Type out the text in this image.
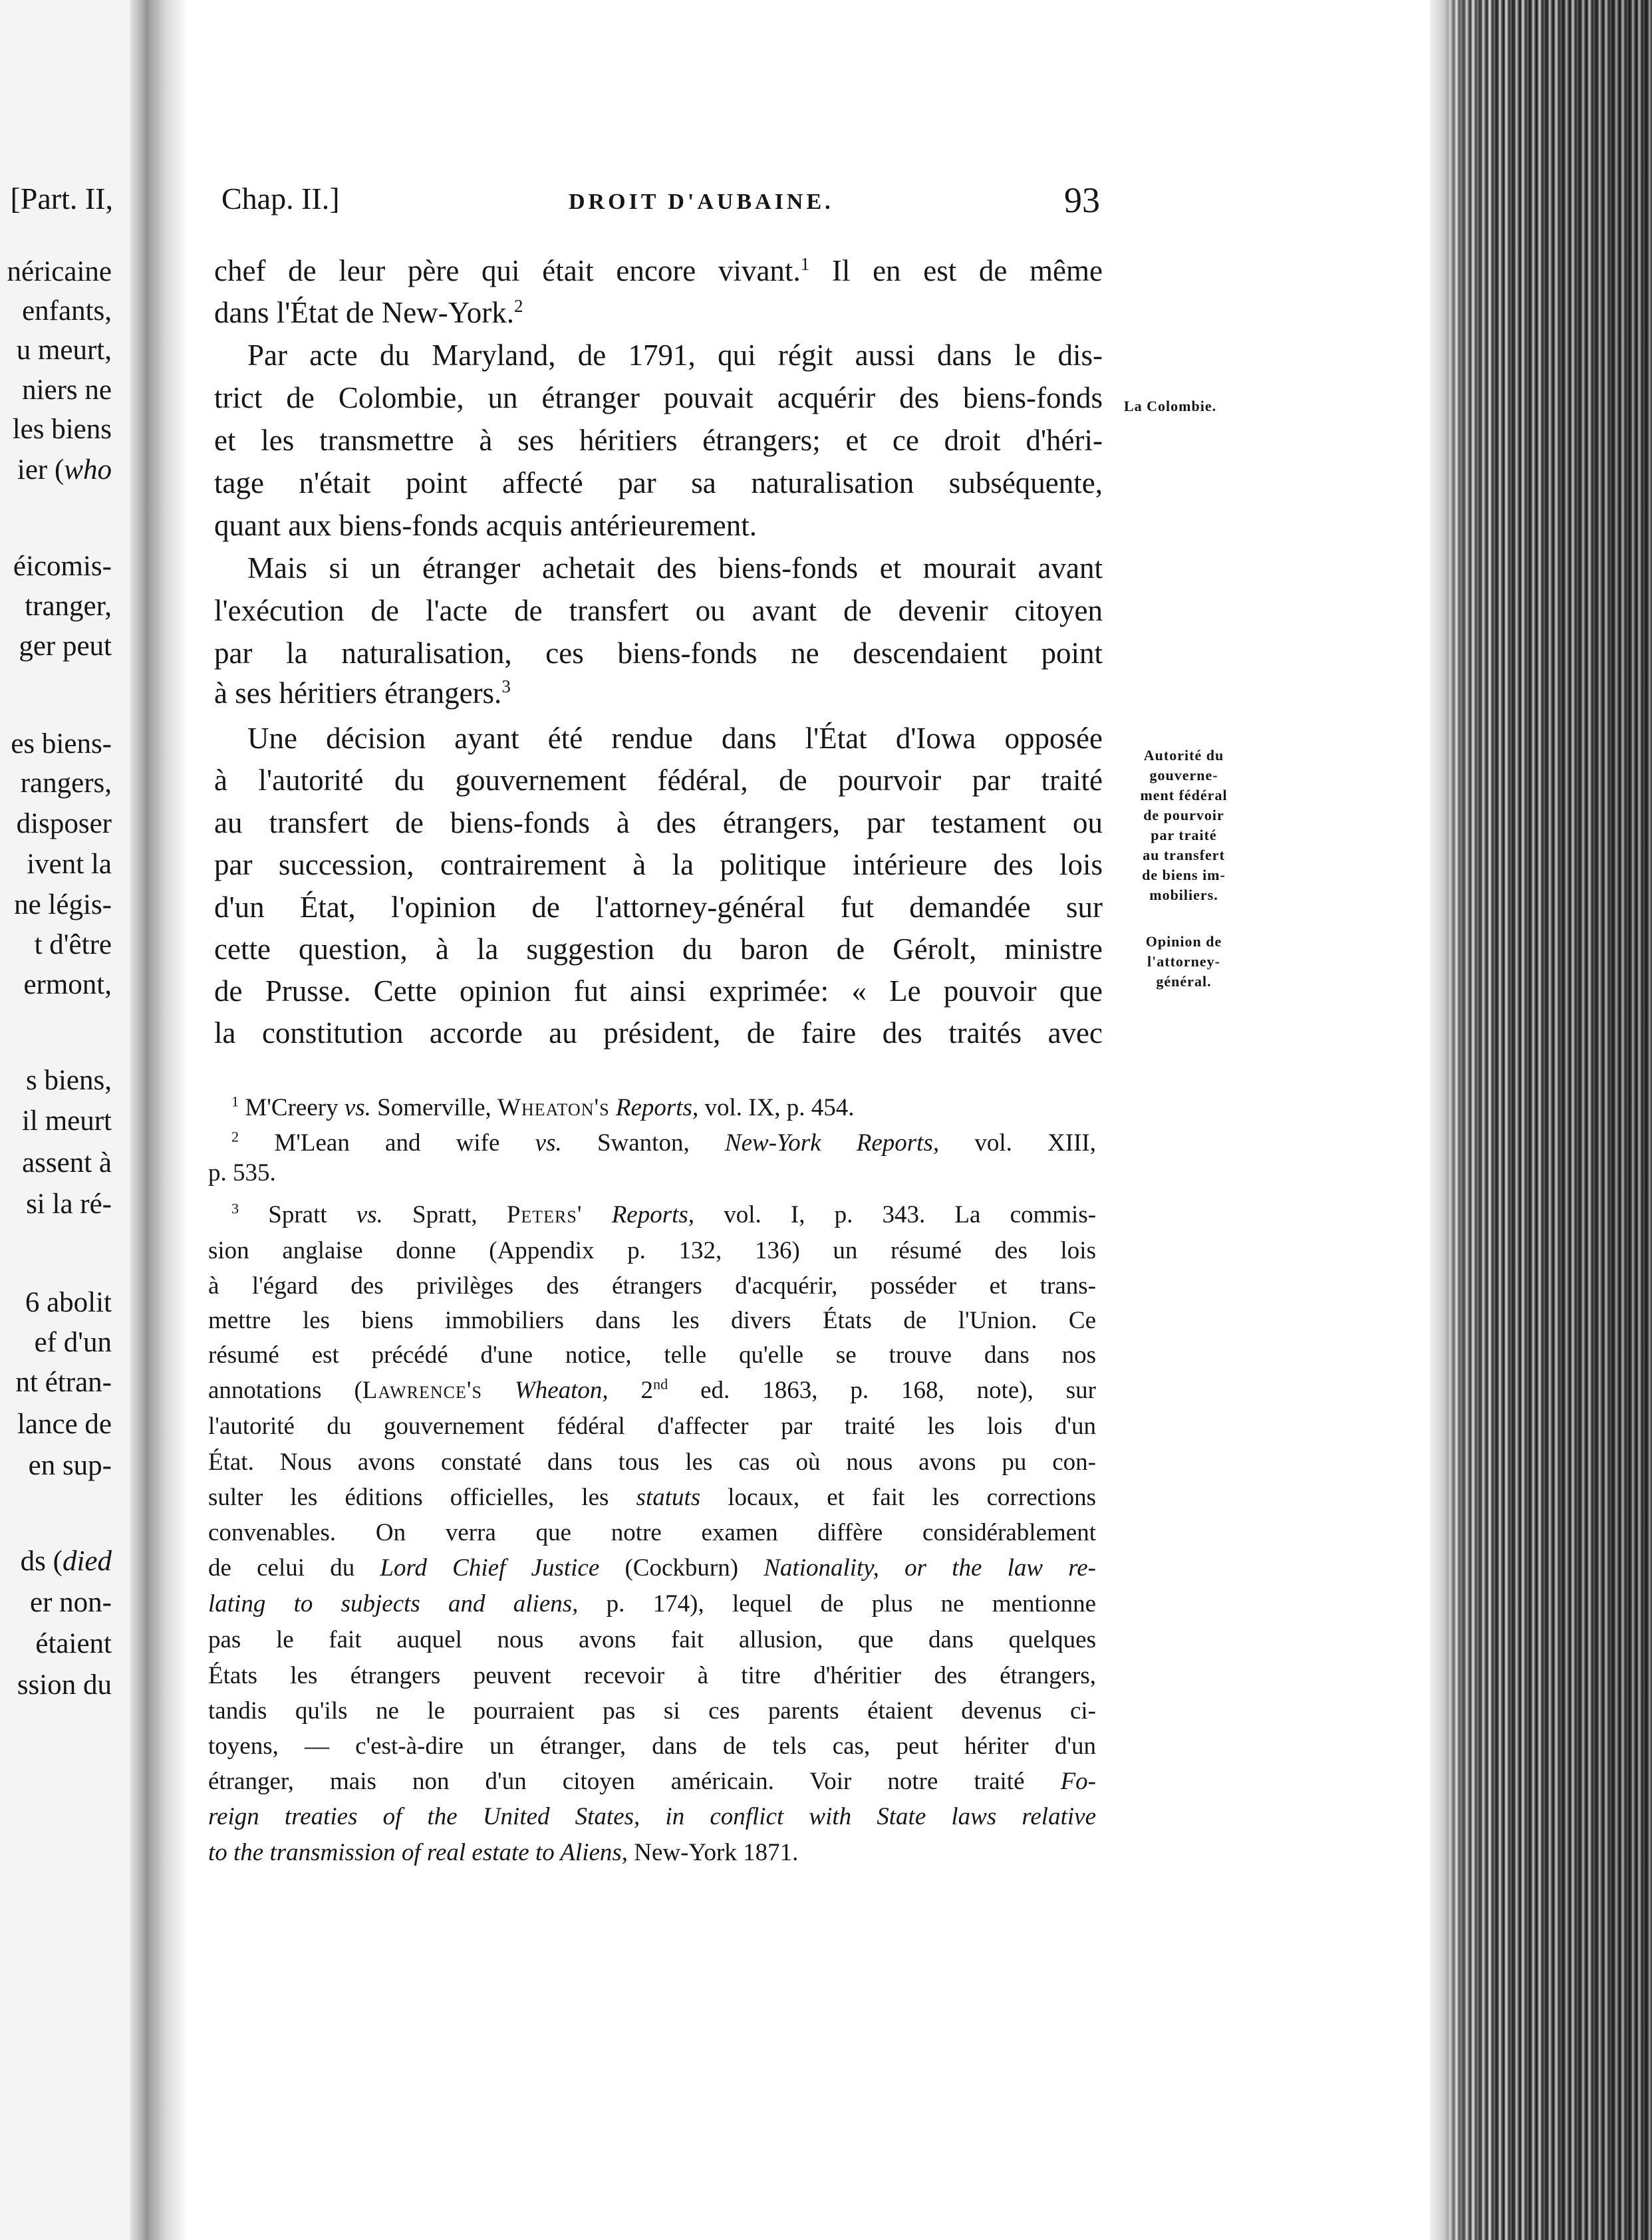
[Part. II,
néricaine
enfants,
u meurt,
niers ne
les biens
ier (who
éicomis-
tranger,
ger peut
es biens-
rangers,
disposer
ivent la
ne légis-
t d'être
ermont,
s biens,
il meurt
assent à
si la ré-
6 abolit
ef d'un
nt étran-
lance de
en sup-
ds (died
er non-
étaient
ssion du
Chap. II.]	DROIT D'AUBAINE.	93
chef de leur père qui était encore vivant.$^1$ Il en est de même
dans l'État de New-York.$^2$
Par acte du Maryland, de 1791, qui régit aussi dans le dis-
trict de Colombie, un étranger pouvait acquérir des biens-fonds
et les transmettre à ses héritiers étrangers; et ce droit d'héri-
tage n'était point affecté par sa naturalisation subséquente,
quant aux biens-fonds acquis antérieurement.
Mais si un étranger achetait des biens-fonds et mourait avant
l'exécution de l'acte de transfert ou avant de devenir citoyen
par la naturalisation, ces biens-fonds ne descendaient point
à ses héritiers étrangers.$^3$
Une décision ayant été rendue dans l'État d'Iowa opposée
à l'autorité du gouvernement fédéral, de pourvoir par traité
au transfert de biens-fonds à des étrangers, par testament ou
par succession, contrairement à la politique intérieure des lois
d'un État, l'opinion de l'attorney-général fut demandée sur
cette question, à la suggestion du baron de Gérolt, ministre
de Prusse. Cette opinion fut ainsi exprimée: « Le pouvoir que
la constitution accorde au président, de faire des traités avec
La Colombie.
Autorité du
gouverne-
ment fédéral
de pourvoir
par traité
au transfert
de biens im-
mobiliers.
Opinion de
l'attorney-
général.
$^1$ M'Creery vs. Somerville, Wheaton's Reports, vol. IX, p. 454.
$^2$ M'Lean and wife vs. Swanton, New-York Reports, vol. XIII,
p. 535.
$^3$ Spratt vs. Spratt, Peters' Reports, vol. I, p. 343. La commis-
sion anglaise donne (Appendix p. 132, 136) un résumé des lois
à l'égard des privilèges des étrangers d'acquérir, posséder et trans-
mettre les biens immobiliers dans les divers États de l'Union. Ce
résumé est précédé d'une notice, telle qu'elle se trouve dans nos
annotations (Lawrence's Wheaton, 2nd ed. 1863, p. 168, note), sur
l'autorité du gouvernement fédéral d'affecter par traité les lois d'un
État. Nous avons constaté dans tous les cas où nous avons pu con-
sulter les éditions officielles, les statuts locaux, et fait les corrections
convenables. On verra que notre examen diffère considérablement
de celui du Lord Chief Justice (Cockburn) Nationality, or the law re-
lating to subjects and aliens, p. 174), lequel de plus ne mentionne
pas le fait auquel nous avons fait allusion, que dans quelques
États les étrangers peuvent recevoir à titre d'héritier des étrangers,
tandis qu'ils ne le pourraient pas si ces parents étaient devenus ci-
toyens, — c'est-à-dire un étranger, dans de tels cas, peut hériter d'un
étranger, mais non d'un citoyen américain. Voir notre traité Fo-
reign treaties of the United States, in conflict with State laws relative
to the transmission of real estate to Aliens, New-York 1871.
